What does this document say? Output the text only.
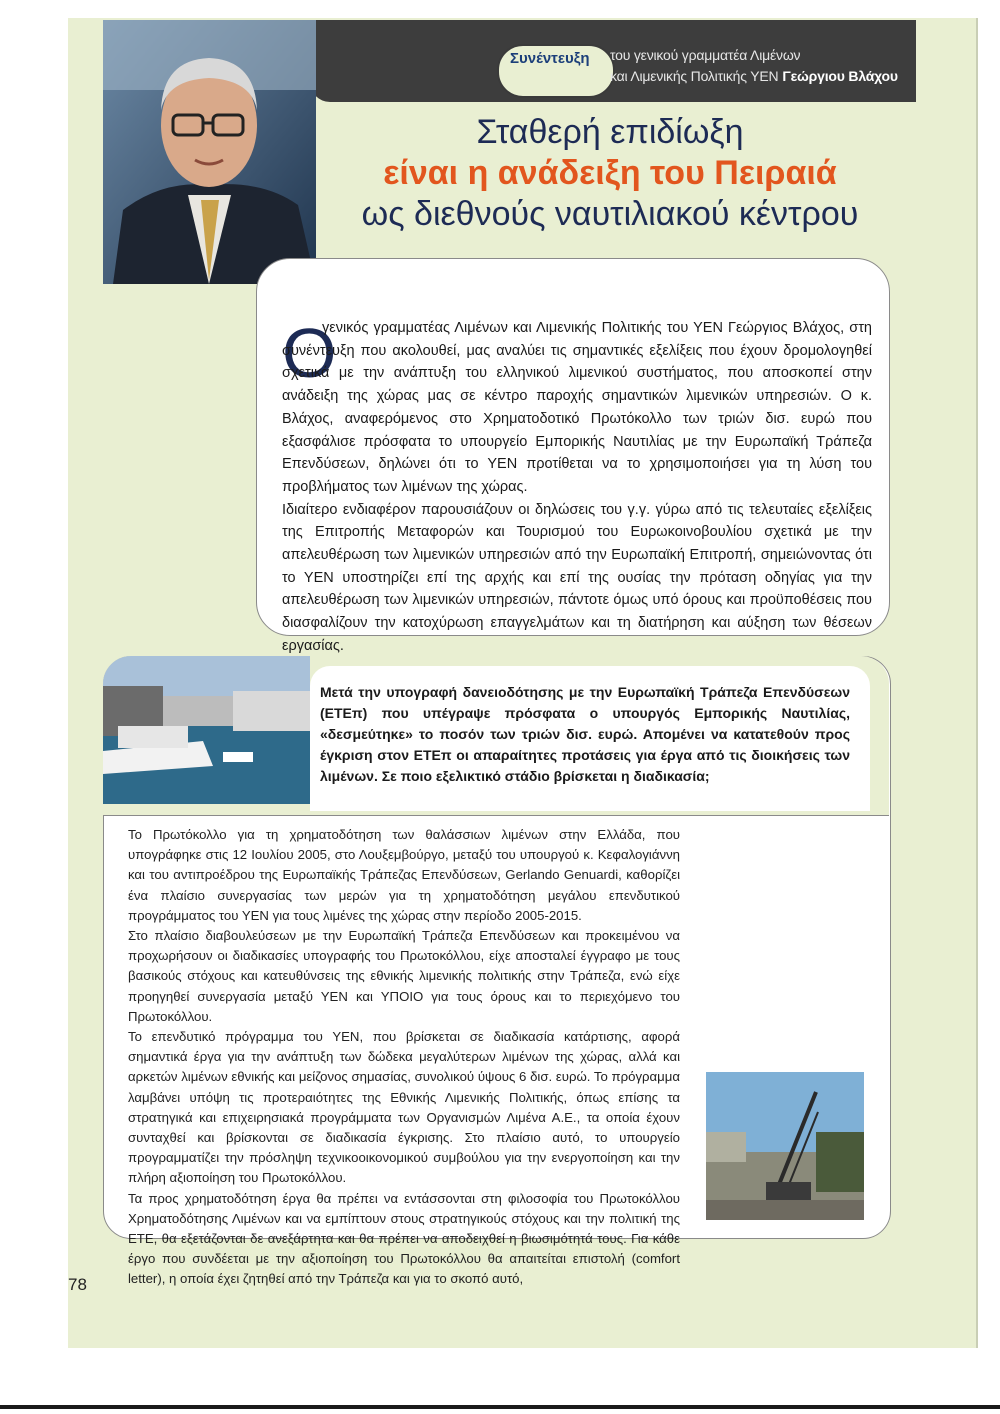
Συνέντευξη του γενικού γραμματέα Λιμένων
και Λιμενικής Πολιτικής ΥΕΝ Γεώργιου Βλάχου
Σταθερή επιδίωξη
είναι η ανάδειξη του Πειραιά
ως διεθνούς ναυτιλιακού κέντρου
Ο

γενικός γραμματέας Λιμένων και Λιμενικής Πολιτικής του ΥΕΝ Γεώργιος Βλάχος, στη συνέντευξη που ακολουθεί, μας αναλύει τις σημαντικές εξελίξεις που έχουν δρομολογηθεί σχετικά με την ανάπτυξη του ελληνικού λιμενικού συστήματος, που αποσκοπεί στην ανάδειξη της χώρας μας σε κέντρο παροχής σημαντικών λιμενικών υπηρεσιών. Ο κ. Βλάχος, αναφερόμενος στο Χρηματοδοτικό Πρωτόκολλο των τριών δισ. ευρώ που εξασφάλισε πρόσφατα το υπουργείο Εμπορικής Ναυτιλίας με την Ευρωπαϊκή Τράπεζα Επενδύσεων, δηλώνει ότι το ΥΕΝ προτίθεται να το χρησιμοποιήσει για τη λύση του προβλήματος των λιμένων της χώρας.

Ιδιαίτερο ενδιαφέρον παρουσιάζουν οι δηλώσεις του γ.γ. γύρω από τις τελευταίες εξελίξεις της Επιτροπής Μεταφορών και Τουρισμού του Ευρωκοινοβουλίου σχετικά με την απελευθέρωση των λιμενικών υπηρεσιών από την Ευρωπαϊκή Επιτροπή, σημειώνοντας ότι το ΥΕΝ υποστηρίζει επί της αρχής και επί της ουσίας την πρόταση οδηγίας για την απελευθέρωση των λιμενικών υπηρεσιών, πάντοτε όμως υπό όρους και προϋποθέσεις που διασφαλίζουν την κατοχύρωση επαγγελμάτων και τη διατήρηση και αύξηση των θέσεων εργασίας.

Μετά την υπογραφή δανειοδότησης με την Ευρωπαϊκή Τράπεζα Επενδύσεων (ΕΤΕπ) που υπέγραψε πρόσφατα ο υπουργός Εμπορικής Ναυτιλίας, «δεσμεύτηκε» το ποσόν των τριών δισ. ευρώ. Απομένει να κατατεθούν προς έγκριση στον ΕΤΕπ οι απαραίτητες προτάσεις για έργα από τις διοικήσεις των λιμένων. Σε ποιο εξελικτικό στάδιο βρίσκεται η διαδικασία;

Το Πρωτόκολλο για τη χρηματοδότηση των θαλάσσιων λιμένων στην Ελλάδα, που υπογράφηκε στις 12 Ιουλίου 2005, στο Λουξεμβούργο, μεταξύ του υπουργού κ. Κεφαλογιάννη και του αντιπροέδρου της Ευρωπαϊκής Τράπεζας Επενδύσεων, Gerlando Genuardi, καθορίζει ένα πλαίσιο συνεργασίας των μερών για τη χρηματοδότηση μεγάλου επενδυτικού προγράμματος του ΥΕΝ για τους λιμένες της χώρας στην περίοδο 2005-2015.

Στο πλαίσιο διαβουλεύσεων με την Ευρωπαϊκή Τράπεζα Επενδύσεων και προκειμένου να προχωρήσουν οι διαδικασίες υπογραφής του Πρωτοκόλλου, είχε αποσταλεί έγγραφο με τους βασικούς στόχους και κατευθύνσεις της εθνικής λιμενικής πολιτικής στην Τράπεζα, ενώ είχε προηγηθεί συνεργασία μεταξύ ΥΕΝ και ΥΠΟΙΟ για τους όρους και το περιεχόμενο του Πρωτοκόλλου.

Το επενδυτικό πρόγραμμα του ΥΕΝ, που βρίσκεται σε διαδικασία κατάρτισης, αφορά σημαντικά έργα για την ανάπτυξη των δώδεκα μεγαλύτερων λιμένων της χώρας, αλλά και αρκετών λιμένων εθνικής και μείζονος σημασίας, συνολικού ύψους 6 δισ. ευρώ. Το πρόγραμμα λαμβάνει υπόψη τις προτεραιότητες της Εθνικής Λιμενικής Πολιτικής, όπως επίσης τα στρατηγικά και επιχειρησιακά προγράμματα των Οργανισμών Λιμένα Α.Ε., τα οποία έχουν συνταχθεί και βρίσκονται σε διαδικασία έγκρισης. Στο πλαίσιο αυτό, το υπουργείο προγραμματίζει την πρόσληψη τεχνικοοικονομικού συμβούλου για την ενεργοποίηση και την πλήρη αξιοποίηση του Πρωτοκόλλου.

Τα προς χρηματοδότηση έργα θα πρέπει να εντάσσονται στη φιλοσοφία του Πρωτοκόλλου Χρηματοδότησης Λιμένων και να εμπίπτουν στους στρατηγικούς στόχους και την πολιτική της ΕΤΕ, θα εξετάζονται δε ανεξάρτητα και θα πρέπει να αποδειχθεί η βιωσιμότητά τους. Για κάθε έργο που συνδέεται με την αξιοποίηση του Πρωτοκόλλου θα απαιτείται επιστολή (comfort letter), η οποία έχει ζητηθεί από την Τράπεζα και για το σκοπό αυτό,

78
